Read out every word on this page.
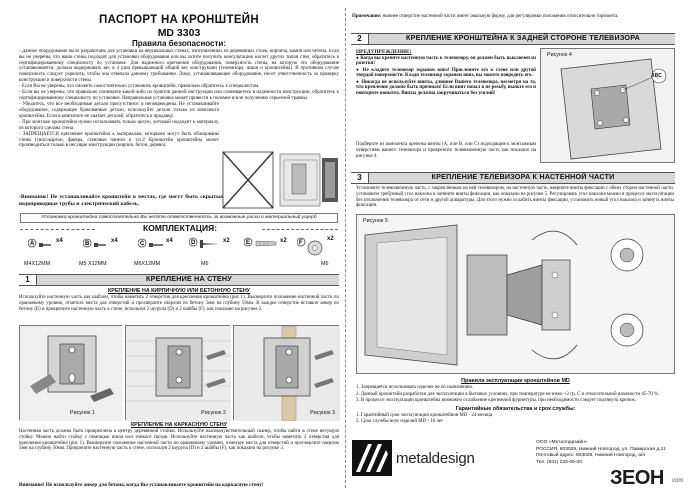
ПАСПОРТ НА КРОНШТЕЙН
MD 3303
Правила безопасности:

- Данное оборудование было разработано для установки на вертикальных стенах, изготовленных из деревянных стоек, кирпича, камня или бетона. Если вы не уверены, что ваши стены подходят для установки оборудования или вы хотите получить консультацию насчет других типов стен, обратитесь к сертифицированному специалисту по установке. Для надежного крепления оборудования, поверхность стены, на которую это оборудование устанавливается, должна выдерживать вес в 4 раза превышающий общий вес конструкции (телевизора, ниши и кронштейна). В противном случае поверхность следует укрепить, чтобы она отвечала данному требованию. Лицо, устанавливающее оборудование, несет ответственность за проверку конструкции и поверхности стены.

- Если Вы не уверены, что сможете самостоятельно установить кронштейн, правильно обратитесь к специалистам.

- Если вы не уверены, что правильно понимаете какой-либо из пунктов данной инструкции или сомневаетесь в надежности конструкции, обратитесь к сертифицированному специалисту по установке. Неправильная установка может привести к поломке и/или получению серьезной травмы.

- Убедитесь, что все необходимые детали присутствуют и неповреждены. Не устанавливайте оборудование, содержащее бракованные детали, используйте детали только из комплекта кронштейна. Если в комплекте не хватает деталей, обратитесь к продавцу.

- При монтаже кронштейна нужно использовать только целую, который подходит к материалу, из которого сделана стена.

- ЗАПРЕЩАЕТСЯ крепление кронштейна к материалам, которыми могут быть облицованы стены (гипсокартон, фанера, стеновые панели и т.п.)! Кронштейн кронштейна может производиться только в несущие конструкции (кирпич, бетон, дерево).

-Внимание! Не устанавливайте кронштейн в местах, где могут быть скрытые водопроводные трубы и электрический кабель.

Установка кронштейна самостоятельно Вы несёте ответственность за возможные риски и материальный ущерб
КОМПЛЕКТАЦИЯ:
A	x4
M4X12MM
B	x4
M5 X12MM
C	x4
M6X12MM
D	x2
M6
E	x2 F
x2
M6
1	КРЕПЛЕНИЕ НА СТЕНУ
КРЕПЛЕНИЕ НА КИРПИЧНУЮ ИЛИ БЕТОННУЮ СТЕНУ

Используйте настенную часть как шаблон, чтобы наметить 2 отверстия для крепления кронштейна (рис 1). Высверлите положение настенной части по оранжевому уровню, отметьте места для отверстий и просверлите сверлом по бетону 5мм на глубину 50мм. В каждое отверстие вставьте анкер по бетону (E) и прикрепите настенную часть к стене, используя 2 шурупа (D) и 2 шайбы (F), как показано на рисунке 2.

Рисунок 1	Рисунок 2	Рисунок 3
КРЕПЛЕНИЕ НА КАРКАСНУЮ СТЕНУ

Настенная часть должна быть прикреплена к центру деревянной стойки. Используйте высокочувствительный сканер, чтобы найти в стене несущую стойку. Можно найти стойку с помощью шила или тонкого гвоздя. Используйте настенную часть как шаблон, чтобы наметить 2 отверстия для крепления кронштейна (рис 1). Высверлите положение настенной части по оранжевому уровню, отметьте места для отверстий и просверлите сверлом 5мм на глубину 50мм. Прикрепите настенную часть к стене, используя 2 шурупа (D) и 2 шайбы (F), как показано на рисунке 3.

Внимание! Не используйте анкер для бетона, когда Вы устанавливаете кронштейн на каркасную стену!

Примечание: нижнее отверстие настенной части имеет овальную форму, для регулировки положения относительно горизонта.

2	КРЕПЛЕНИЕ КРОНШТЕЙНА К ЗАДНЕЙ СТОРОНЕ ТЕЛЕВИЗОРА

ПРЕДУПРЕЖДЕНИЕ!

● Когда вы крепите настенную часть к телевизору, он должен быть выключен из розетки!

● Не кладите телевизор экраном вниз! Прислоните его к стене или другой твердой поверхности. Кладя телевизор экраном вниз, вы можете повредить его.

● Никогда не используйте винты, длиннее Вашего телевизора, несмотря на то, что крепление должно быть прочным! Если винт попал в не резьбу, выньте его и повторите попытку. Винты должны закручиваться без усилий!

Подберите из комплекта крепежа винты (A, или B, или C) подходящие к монтажным отверстиям вашего телевизора и прикрепите телевизионную часть как показано на рисунке 4.

Рисунок 4
ABC
3	КРЕПЛЕНИЕ ТЕЛЕВИЗОРА К НАСТЕННОЙ ЧАСТИ

Установите телевизионную часть, с закреплённым на ней телевизором, на настенную часть, вверните винты фиксации с обеих сторон настенной части, установите требуемый угол наклона и затяните винты фиксации, как показано на рисунке 5. Регулировать угол наклона можно в процессе эксплуатации без отключения телевизора от сети и другой аппаратуры. Для этого нужно ослабить винты фиксации, установить новый угол наклона и затянуть винты фиксации.

Рисунок 5

Правила эксплуатации кронштейнов MD

1. Запрещается использовать изделие не по назначению.

2. Данный кронштейн разработан для эксплуатации в бытовых условиях, при температуре не ниже +2 гр. С и относительной влажности 45-70 %.

3. В процессе эксплуатации кронштейна возможно ослабление крепежной фурнитуры, при необходимости следует подтянуть крепеж.

Гарантийные обязательства и срок службы:

1. Гарантийный срок эксплуатации кронштейнов MD - 24 месяца

2. Срок службы всех изделий MD - 10 лет

metaldesign

ООО «Металлдизайн»

РОССИЯ, 603029, Нижний Новгород, ул. Памирская д.11

Почтовый адрес: 603029, Нижний Новгород, а/я

Тел. (831) 220-06-00

ЗЕОН com
